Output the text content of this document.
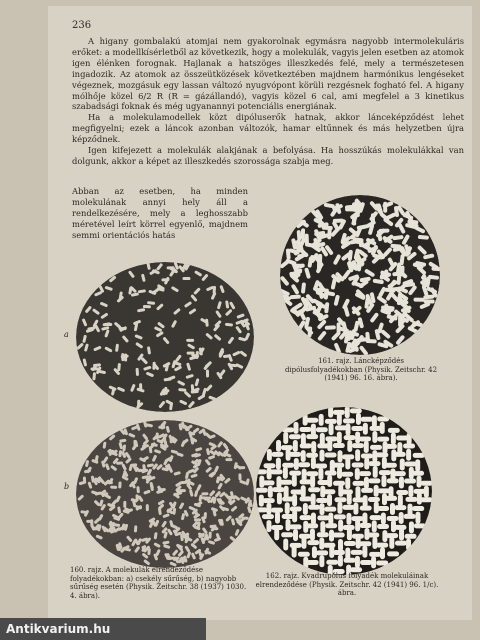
236

A higany gombalakú atomjai nem gyakorolnak egymásra nagyobb intermolekuláris erőket: a modellkísérletből az következik, hogy a molekulák, vagyis jelen esetben az atomok igen élénken forognak. Hajlanak a hatszöges illeszkedés felé, mely a természetesen ingadozik. Az atomok az összeütközések következtében majdnem harmónikus lengéseket végeznek, mozgásuk egy lassan változó nyugvópont körüli rezgésnek fogható fel. A higany mólhője közel 6/2 R (R = gázállandó), vagyis közel 6 cal, ami megfelel a 3 kinetikus szabadsági foknak és még ugyanannyi potenciális energiának.

Ha a molekulamodellek közt dipóluserők hatnak, akkor lánceképződést lehet megfigyelni; ezek a láncok azonban változók, hamar eltűnnek és más helyzetben újra képződnek.

Igen kifejezett a molekulák alakjának a befolyása. Ha hosszúkás molekulákkal van dolgunk, akkor a képet az illeszkedés szorossága szabja meg.

Abban az esetben, ha minden molekulának annyi hely áll a rendelkezésére, mely a leghosszabb méretével leírt körrel egyenlő, majdnem semmi orientációs hatás

161. rajz. Láncképződés dipólusfolyadékokban (Physik. Zeitschr. 42 (1941) 96. 16. ábra).
162. rajz. Kvadrupólus folyadék molekuláinak elrendeződése (Physik. Zeitschr. 42 (1941) 96. 1/c). ábra.
a
b
160. rajz. A molekulák elrendeződése folyadékokban: a) csekély sűrűség, b) nagyobb sűrűség esetén (Physik. Zeitschr. 38 (1937) 1030. 4. ábra).
Antikvarium.hu
